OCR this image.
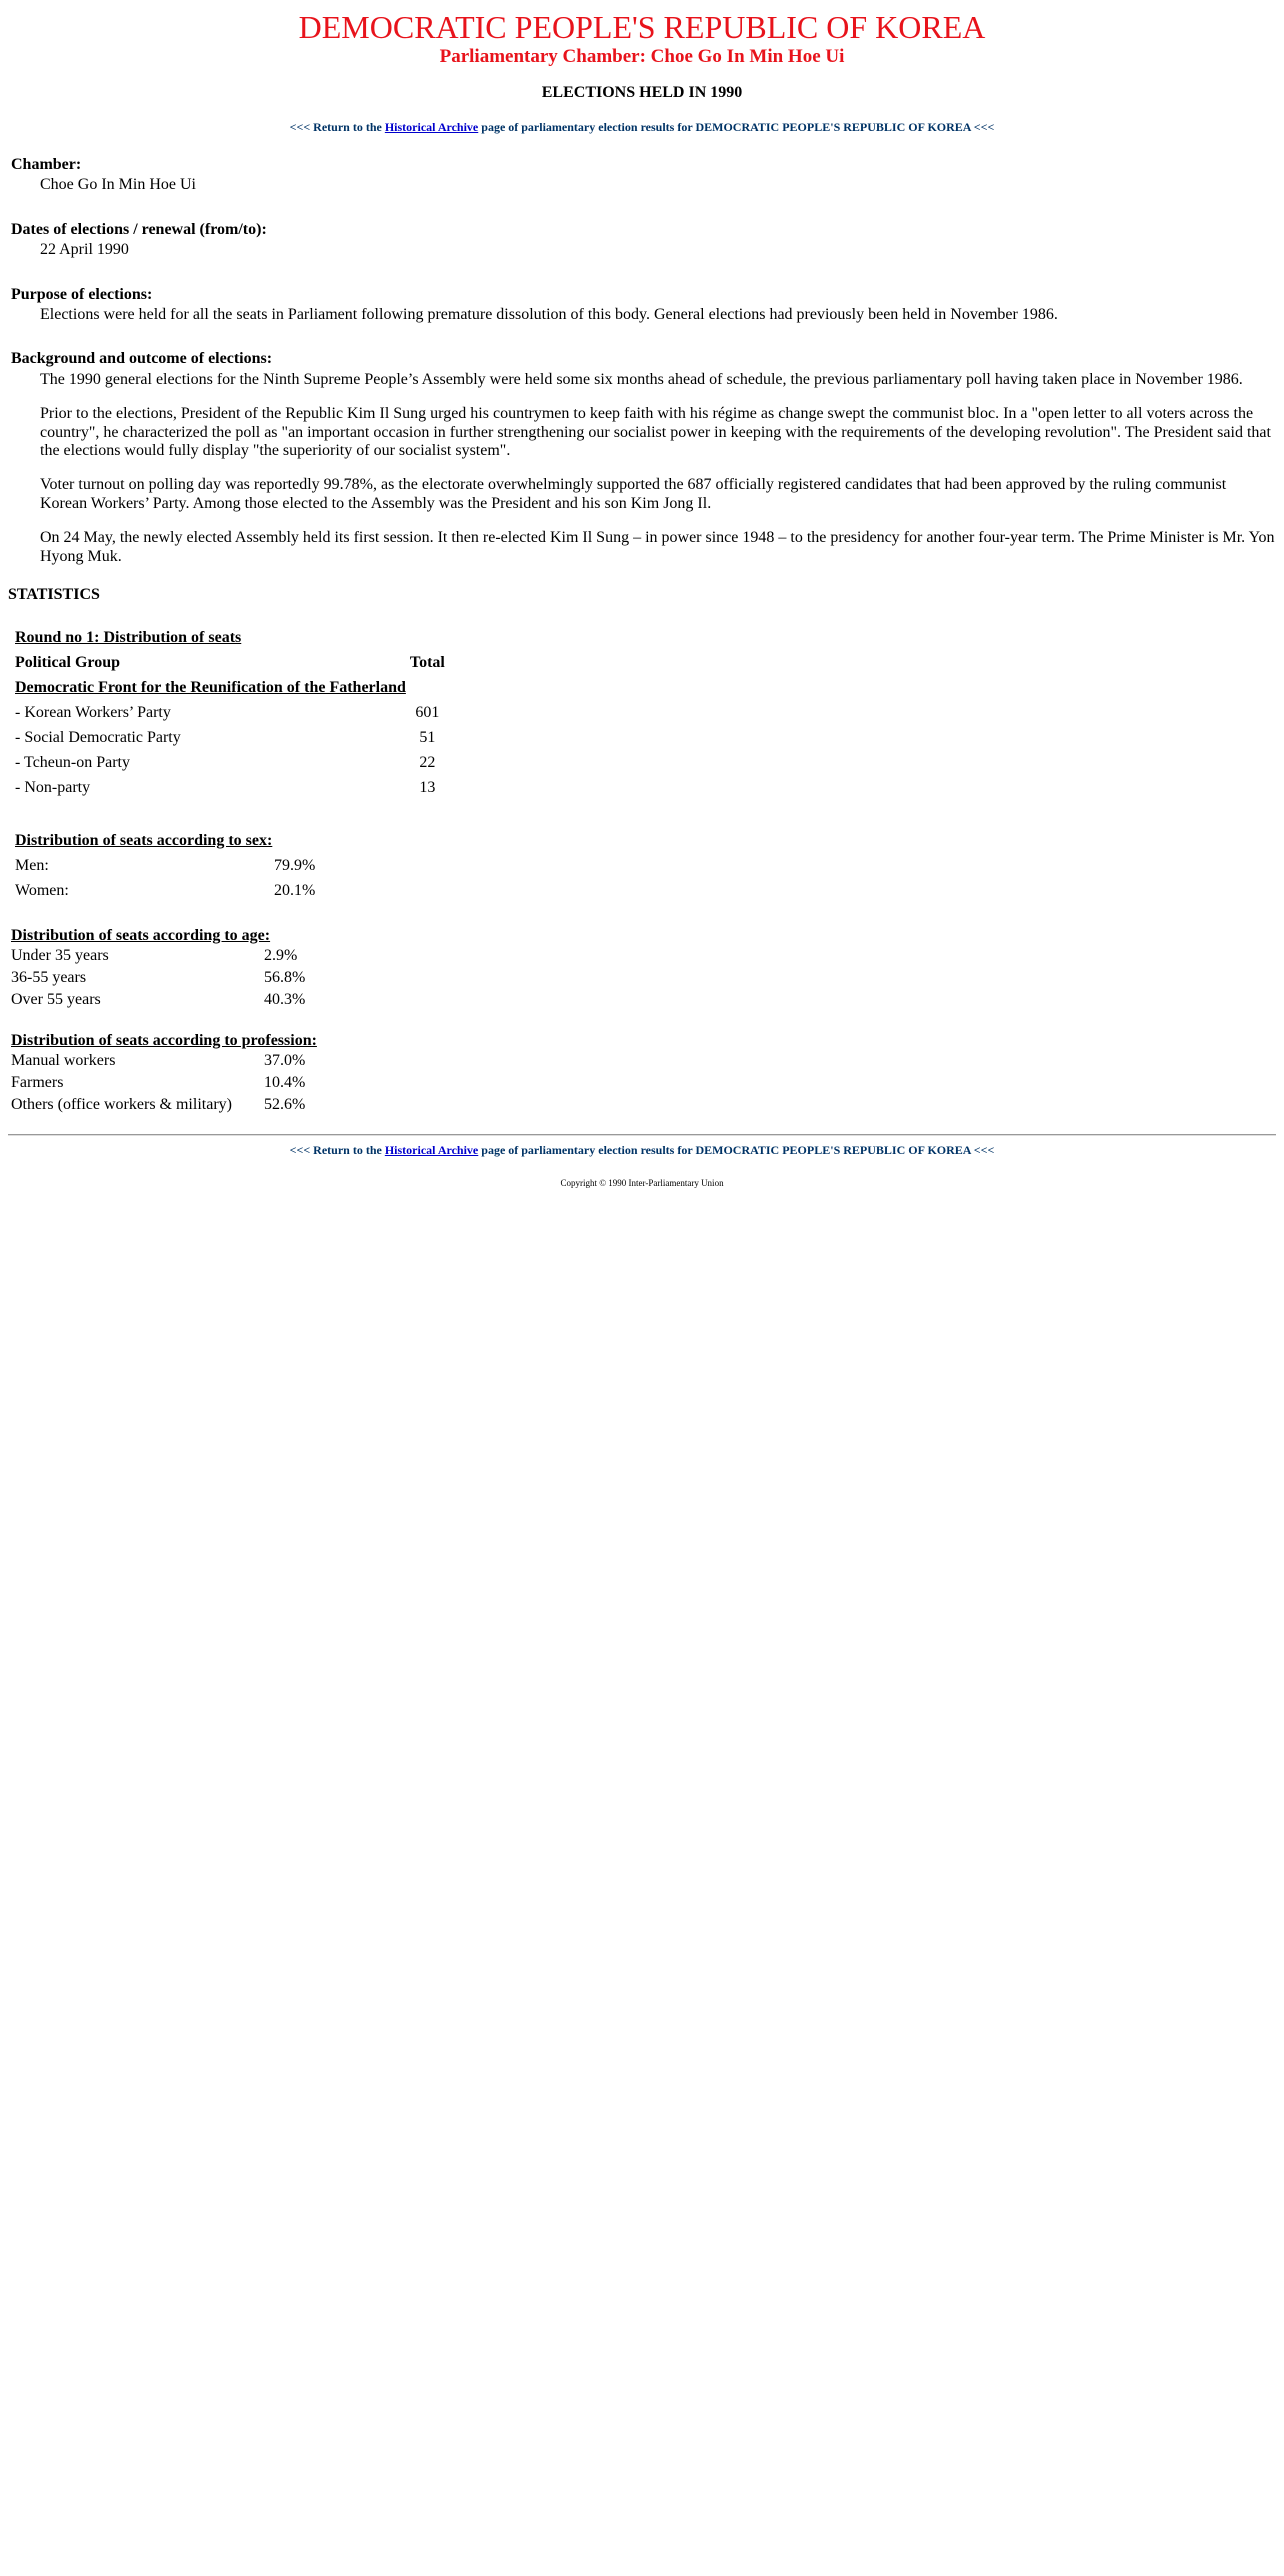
DEMOCRATIC PEOPLE'S REPUBLIC OF KOREA
Parliamentary Chamber: Choe Go In Min Hoe Ui
ELECTIONS HELD IN 1990
<<< Return to the Historical Archive page of parliamentary election results for DEMOCRATIC PEOPLE'S REPUBLIC OF KOREA <<<
Chamber:
Choe Go In Min Hoe Ui
Dates of elections / renewal (from/to):
22 April 1990
Purpose of elections:
Elections were held for all the seats in Parliament following premature dissolution of this body. General elections had previously been held in November 1986.
Background and outcome of elections:

The 1990 general elections for the Ninth Supreme People’s Assembly were held some six months ahead of schedule, the previous parliamentary poll having taken place in November 1986.

Prior to the elections, President of the Republic Kim Il Sung urged his countrymen to keep faith with his régime as change swept the communist bloc. In a "open letter to all voters across the country", he characterized the poll as "an important occasion in further strengthening our socialist power in keeping with the requirements of the developing revolution". The President said that the elections would fully display "the superiority of our socialist system".

Voter turnout on polling day was reportedly 99.78%, as the electorate overwhelmingly supported the 687 officially registered candidates that had been approved by the ruling communist Korean Workers’ Party. Among those elected to the Assembly was the President and his son Kim Jong Il.

On 24 May, the newly elected Assembly held its first session. It then re-elected Kim Il Sung – in power since 1948 – to the presidency for another four-year term. The Prime Minister is Mr. Yon Hyong Muk.

STATISTICS
Round no 1: Distribution of seats	
Political Group	Total
Democratic Front for the Reunification of the Fatherland	
- Korean Workers’ Party	601
- Social Democratic Party	51
- Tcheun-on Party	22
- Non-party	13
Distribution of seats according to sex:	
Men:	79.9%
Women:	20.1%
Distribution of seats according to age:
Under 35 years	2.9%
36-55 years	56.8%
Over 55 years	40.3%
Distribution of seats according to profession:
Manual workers	37.0%
Farmers	10.4%
Others (office workers & military)	52.6%
<<< Return to the Historical Archive page of parliamentary election results for DEMOCRATIC PEOPLE'S REPUBLIC OF KOREA <<<
Copyright © 1990 Inter-Parliamentary Union
